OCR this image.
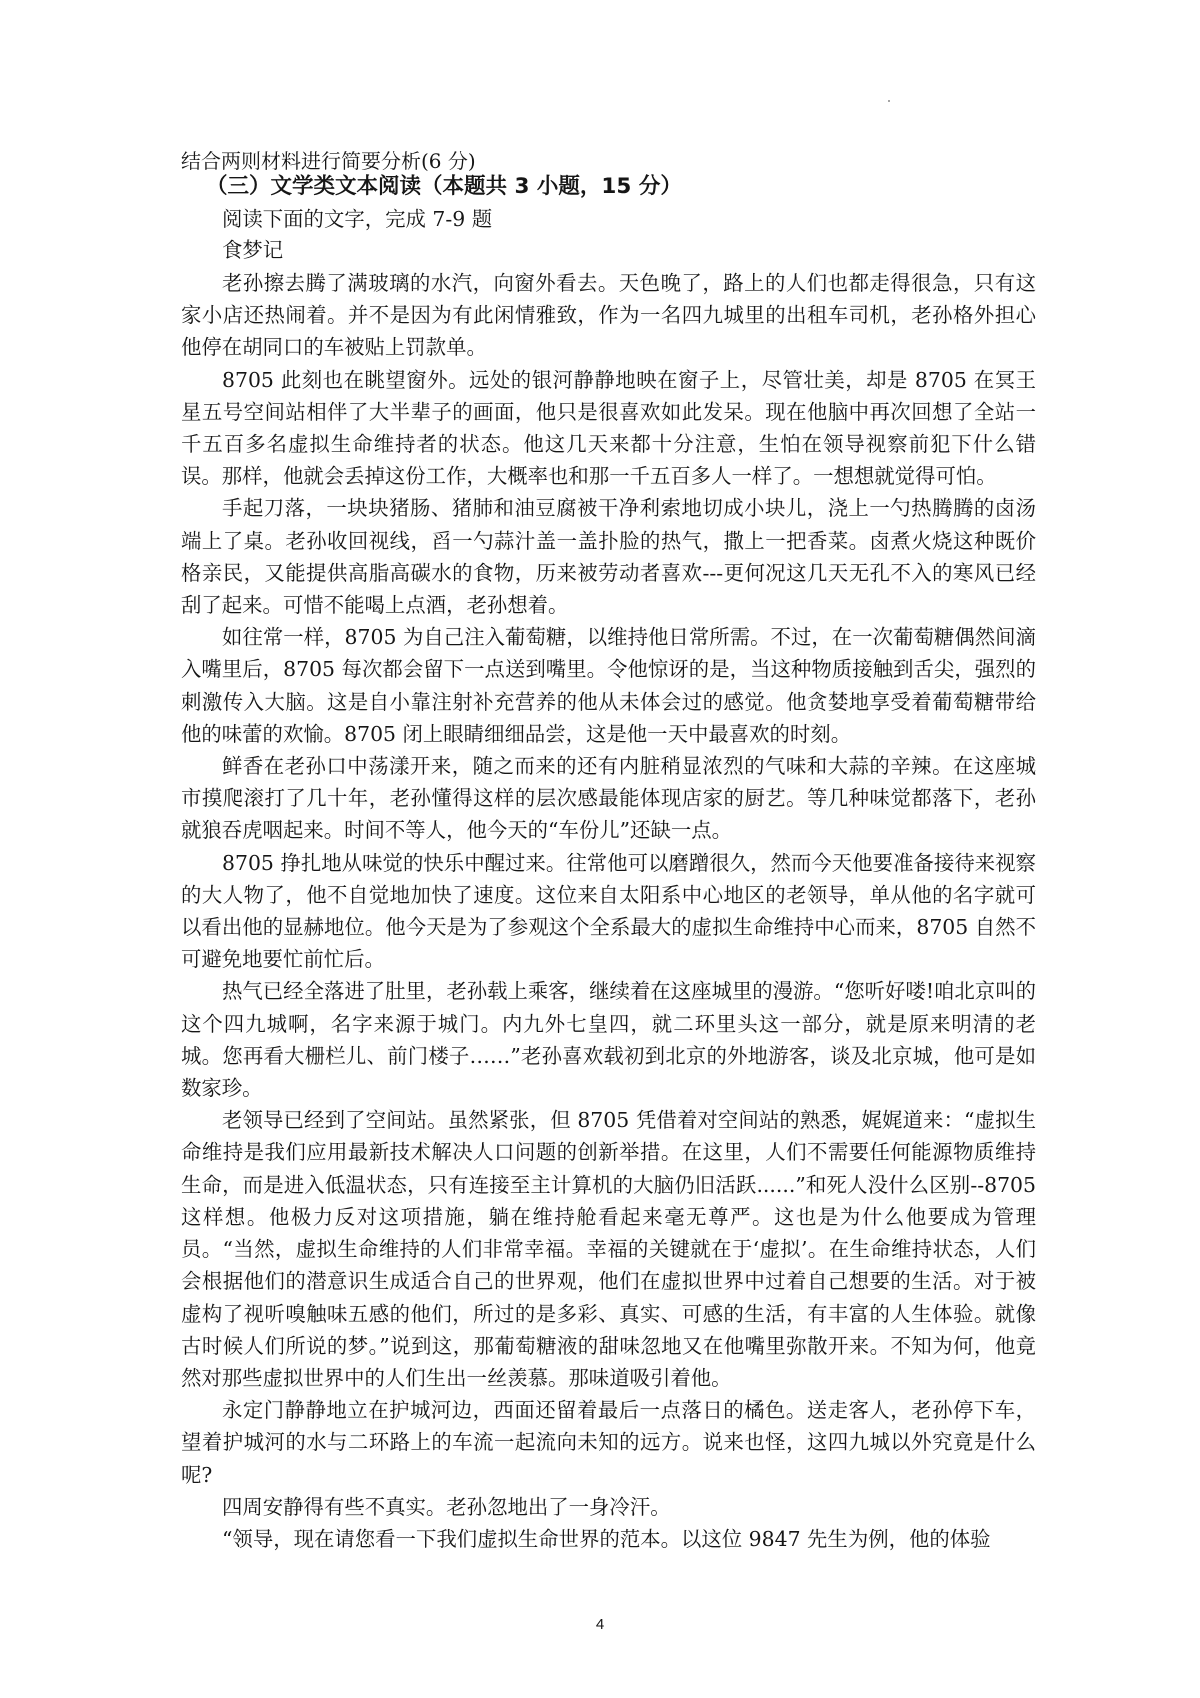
结合两则材料进行简要分析(6 分)
（三）文学类文本阅读（本题共 3 小题，15 分）
阅读下面的文字，完成 7-9 题
食梦记

老孙擦去腾了满玻璃的水汽，向窗外看去。天色晚了，路上的人们也都走得很急，只有这家小店还热闹着。并不是因为有此闲情雅致，作为一名四九城里的出租车司机，老孙格外担心他停在胡同口的车被贴上罚款单。

8705 此刻也在眺望窗外。远处的银河静静地映在窗子上，尽管壮美，却是 8705 在冥王星五号空间站相伴了大半辈子的画面，他只是很喜欢如此发呆。现在他脑中再次回想了全站一千五百多名虚拟生命维持者的状态。他这几天来都十分注意，生怕在领导视察前犯下什么错误。那样，他就会丢掉这份工作，大概率也和那一千五百多人一样了。一想想就觉得可怕。

手起刀落，一块块猪肠、猪肺和油豆腐被干净利索地切成小块儿，浇上一勺热腾腾的卤汤端上了桌。老孙收回视线，舀一勺蒜汁盖一盖扑脸的热气，撒上一把香菜。卤煮火烧这种既价格亲民，又能提供高脂高碳水的食物，历来被劳动者喜欢---更何况这几天无孔不入的寒风已经刮了起来。可惜不能喝上点酒，老孙想着。

如往常一样，8705 为自己注入葡萄糖，以维持他日常所需。不过，在一次葡萄糖偶然间滴入嘴里后，8705 每次都会留下一点送到嘴里。令他惊讶的是，当这种物质接触到舌尖，强烈的刺激传入大脑。这是自小靠注射补充营养的他从未体会过的感觉。他贪婪地享受着葡萄糖带给他的味蕾的欢愉。8705 闭上眼睛细细品尝，这是他一天中最喜欢的时刻。

鲜香在老孙口中荡漾开来，随之而来的还有内脏稍显浓烈的气味和大蒜的辛辣。在这座城市摸爬滚打了几十年，老孙懂得这样的层次感最能体现店家的厨艺。等几种味觉都落下，老孙就狼吞虎咽起来。时间不等人，他今天的“车份儿”还缺一点。

8705 挣扎地从味觉的快乐中醒过来。往常他可以磨蹭很久，然而今天他要准备接待来视察的大人物了，他不自觉地加快了速度。这位来自太阳系中心地区的老领导，单从他的名字就可以看出他的显赫地位。他今天是为了参观这个全系最大的虚拟生命维持中心而来，8705 自然不可避免地要忙前忙后。

热气已经全落进了肚里，老孙载上乘客，继续着在这座城里的漫游。“您听好喽!咱北京叫的这个四九城啊，名字来源于城门。内九外七皇四，就二环里头这一部分，就是原来明清的老城。您再看大栅栏儿、前门楼子……”老孙喜欢载初到北京的外地游客，谈及北京城，他可是如数家珍。

老领导已经到了空间站。虽然紧张，但 8705 凭借着对空间站的熟悉，娓娓道来：“虚拟生命维持是我们应用最新技术解决人口问题的创新举措。在这里，人们不需要任何能源物质维持生命，而是进入低温状态，只有连接至主计算机的大脑仍旧活跃......”和死人没什么区别--8705 这样想。他极力反对这项措施，躺在维持舱看起来毫无尊严。这也是为什么他要成为管理员。“当然，虚拟生命维持的人们非常幸福。幸福的关键就在于‘虚拟’。在生命维持状态，人们会根据他们的潜意识生成适合自己的世界观，他们在虚拟世界中过着自己想要的生活。对于被虚构了视听嗅触味五感的他们，所过的是多彩、真实、可感的生活，有丰富的人生体验。就像古时候人们所说的梦。”说到这，那葡萄糖液的甜味忽地又在他嘴里弥散开来。不知为何，他竟然对那些虚拟世界中的人们生出一丝羡慕。那味道吸引着他。

永定门静静地立在护城河边，西面还留着最后一点落日的橘色。送走客人，老孙停下车，望着护城河的水与二环路上的车流一起流向未知的远方。说来也怪，这四九城以外究竟是什么呢?

四周安静得有些不真实。老孙忽地出了一身冷汗。

“领导，现在请您看一下我们虚拟生命世界的范本。以这位 9847 先生为例，他的体验

4
